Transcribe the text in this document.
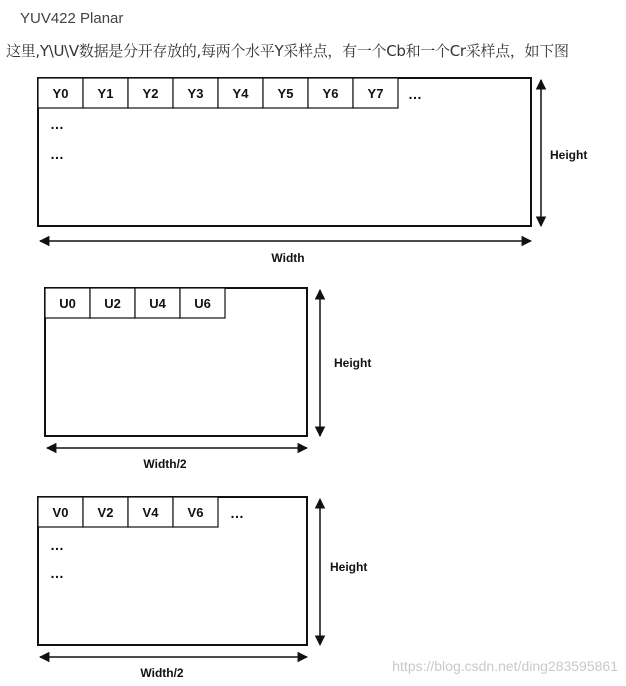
YUV422 Planar
这里,Y\U\V数据是分开存放的,每两个水平Y采样点，有一个Cb和一个Cr采样点，如下图
Y0 Y1 Y2 Y3 Y4 Y5 Y6 Y7 …
…
…	Height
Width
U0 U2 U4 U6
Height
Width/2
V0 V2 V4 V6 …
…
…	Height
Width/2	https://blog.csdn.net/ding283595861
